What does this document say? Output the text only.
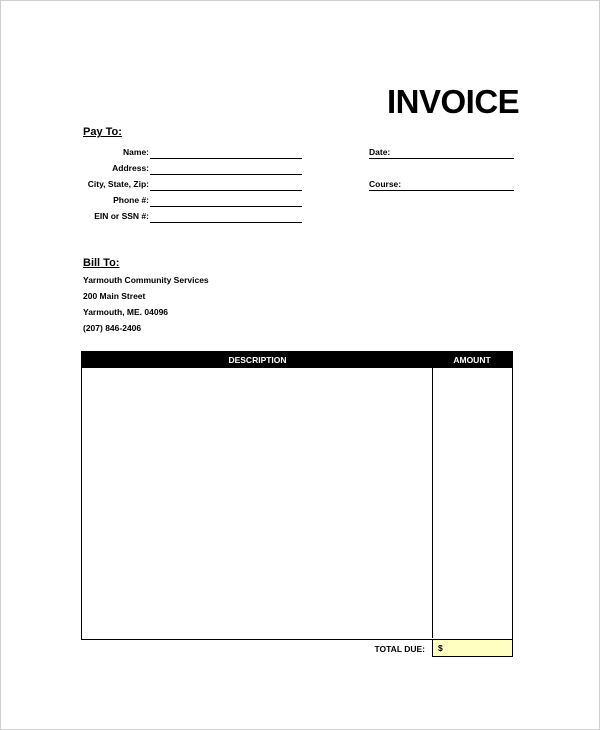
INVOICE
Pay To:
Name:
Address:
City, State, Zip:
Phone #:
EIN or SSN #:
Date:
Course:
Bill To:
Yarmouth Community Services
200 Main Street
Yarmouth, ME. 04096
(207) 846-2406
DESCRIPTION	AMOUNT
TOTAL DUE: $
